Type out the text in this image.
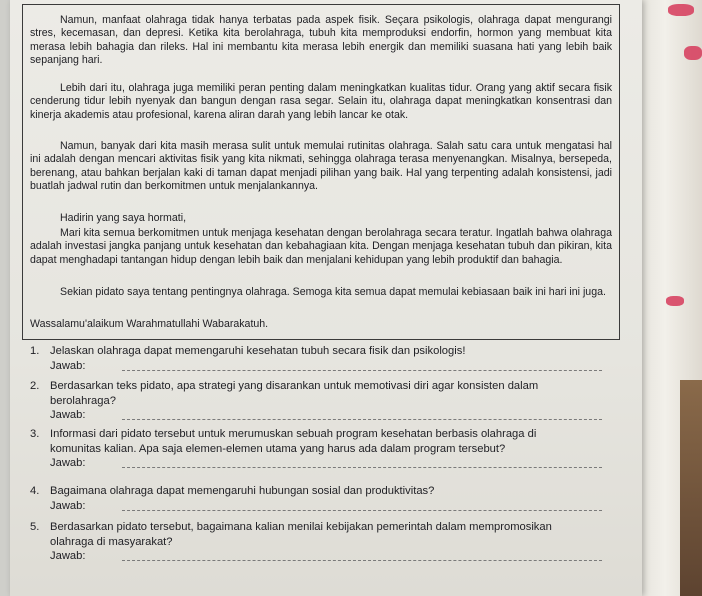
Namun, manfaat olahraga tidak hanya terbatas pada aspek fisik. Seçara psikologis, olahraga dapat mengurangi stres, kecemasan, dan depresi. Ketika kita berolahraga, tubuh kita memproduksi endorfin, hormon yang membuat kita merasa lebih bahagia dan rileks. Hal ini membantu kita merasa lebih energik dan memiliki suasana hati yang lebih baik sepanjang hari.
Lebih dari itu, olahraga juga memiliki peran penting dalam meningkatkan kualitas tidur. Orang yang aktif secara fisik cenderung tidur lebih nyenyak dan bangun dengan rasa segar. Selain itu, olahraga dapat meningkatkan konsentrasi dan kinerja akademis atau profesional, karena aliran darah yang lebih lancar ke otak.
Namun, banyak dari kita masih merasa sulit untuk memulai rutinitas olahraga. Salah satu cara untuk mengatasi hal ini adalah dengan mencari aktivitas fisik yang kita nikmati, sehingga olahraga terasa menyenangkan. Misalnya, bersepeda, berenang, atau bahkan berjalan kaki di taman dapat menjadi pilihan yang baik. Hal yang terpenting adalah konsistensi, jadi buatlah jadwal rutin dan berkomitmen untuk menjalankannya.
Hadirin yang saya hormati,
Mari kita semua berkomitmen untuk menjaga kesehatan dengan berolahraga secara teratur. Ingatlah bahwa olahraga adalah investasi jangka panjang untuk kesehatan dan kebahagiaan kita. Dengan menjaga kesehatan tubuh dan pikiran, kita dapat menghadapi tantangan hidup dengan lebih baik dan menjalani kehidupan yang lebih produktif dan bahagia.
Sekian pidato saya tentang pentingnya olahraga. Semoga kita semua dapat memulai kebiasaan baik ini hari ini juga.
Wassalamu'alaikum Warahmatullahi Wabarakatuh.
1. Jelaskan olahraga dapat memengaruhi kesehatan tubuh secara fisik dan psikologis!
Jawab:
2. Berdasarkan teks pidato, apa strategi yang disarankan untuk memotivasi diri agar konsisten dalam
berolahraga?
Jawab:
3. Informasi dari pidato tersebut untuk merumuskan sebuah program kesehatan berbasis olahraga di
komunitas kalian. Apa saja elemen-elemen utama yang harus ada dalam program tersebut?
Jawab:
4. Bagaimana olahraga dapat memengaruhi hubungan sosial dan produktivitas?
Jawab:
5. Berdasarkan pidato tersebut, bagaimana kalian menilai kebijakan pemerintah dalam mempromosikan
olahraga di masyarakat?
Jawab:
